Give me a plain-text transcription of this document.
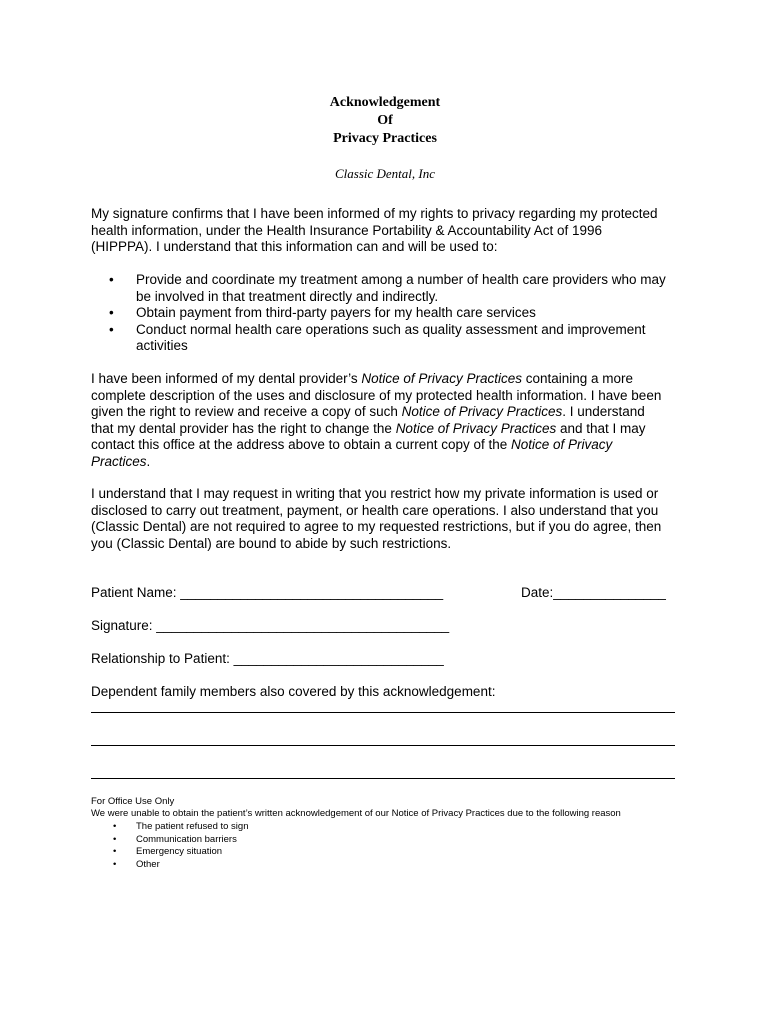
Acknowledgement
Of
Privacy Practices
Classic Dental, Inc
My signature confirms that I have been informed of my rights to privacy regarding my protected
health information, under the Health Insurance Portability & Accountability Act of 1996
(HIPPPA). I understand that this information can and will be used to:
• Provide and coordinate my treatment among a number of health care providers who may
be involved in that treatment directly and indirectly.
• Obtain payment from third-party payers for my health care services
• Conduct normal health care operations such as quality assessment and improvement
activities
I have been informed of my dental provider’s Notice of Privacy Practices containing a more
complete description of the uses and disclosure of my protected health information. I have been
given the right to review and receive a copy of such Notice of Privacy Practices. I understand
that my dental provider has the right to change the Notice of Privacy Practices and that I may
contact this office at the address above to obtain a current copy of the Notice of Privacy
Practices.
I understand that I may request in writing that you restrict how my private information is used or
disclosed to carry out treatment, payment, or health care operations. I also understand that you
(Classic Dental) are not required to agree to my requested restrictions, but if you do agree, then
you (Classic Dental) are bound to abide by such restrictions.
Patient Name: ___________________________________	Date:_______________
Signature: _______________________________________
Relationship to Patient: ____________________________
Dependent family members also covered by this acknowledgement:
For Office Use Only
We were unable to obtain the patient’s written acknowledgement of our Notice of Privacy Practices due to the following reason
• The patient refused to sign
• Communication barriers
• Emergency situation
• Other
